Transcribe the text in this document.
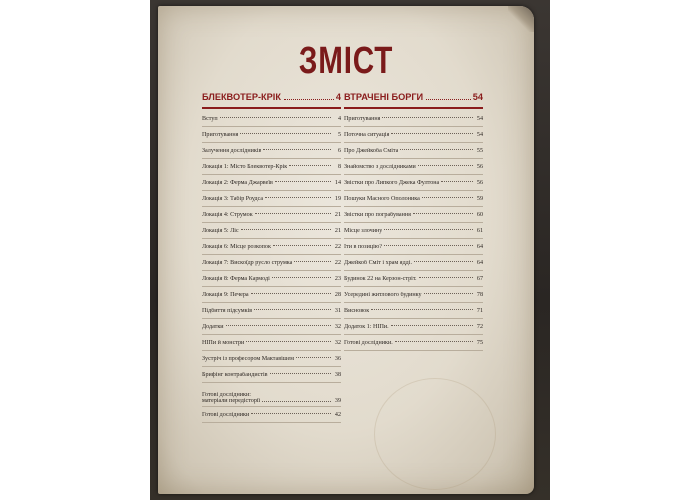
ЗМІСТ
БЛЕКВОТЕР-КРІК	4
Вступ	4
Приготування	5
Залучення дослідників	6
Локація 1: Місто Блеквотер-Крік	8
Локація 2: Ферма Джарвеїв	14
Локація 3: Табір Роудса	19
Локація 4: Струмок	21
Локація 5: Ліс	21
Локація 6: Місце розкопок	22
Локація 7: Вискоїдр русло струмка	22
Локація 8: Ферма Кармоді	23
Локація 9: Печера	28
Підбиття підсумків	31
Додатки	32
НІПи й монстри	32
Зустріч із професором Мактавішем	36
Брифінг контрабандистів	38
Готові дослідники:
матеріали передісторії	39
Готові дослідники	42
ВТРАЧЕНІ БОРГИ	54
Приготування	54
Поточна ситуація	54
Про Джейкоба Сміта	55
Знайомство з дослідниками	56
Звістки про Липкого Джека Фултона	56
Пошуки Масного Ополоника	59
Звістки про пограбування	60
Місце злочину	61
Іти в позицію?	64
Джейкоб Сміт і храм ядді.	64
Будинок 22 на Керзон-стріт.	67
Усередині житлового будинку	78
Висновок	71
Додаток 1: НІПи.	72
Готові дослідники.	75
